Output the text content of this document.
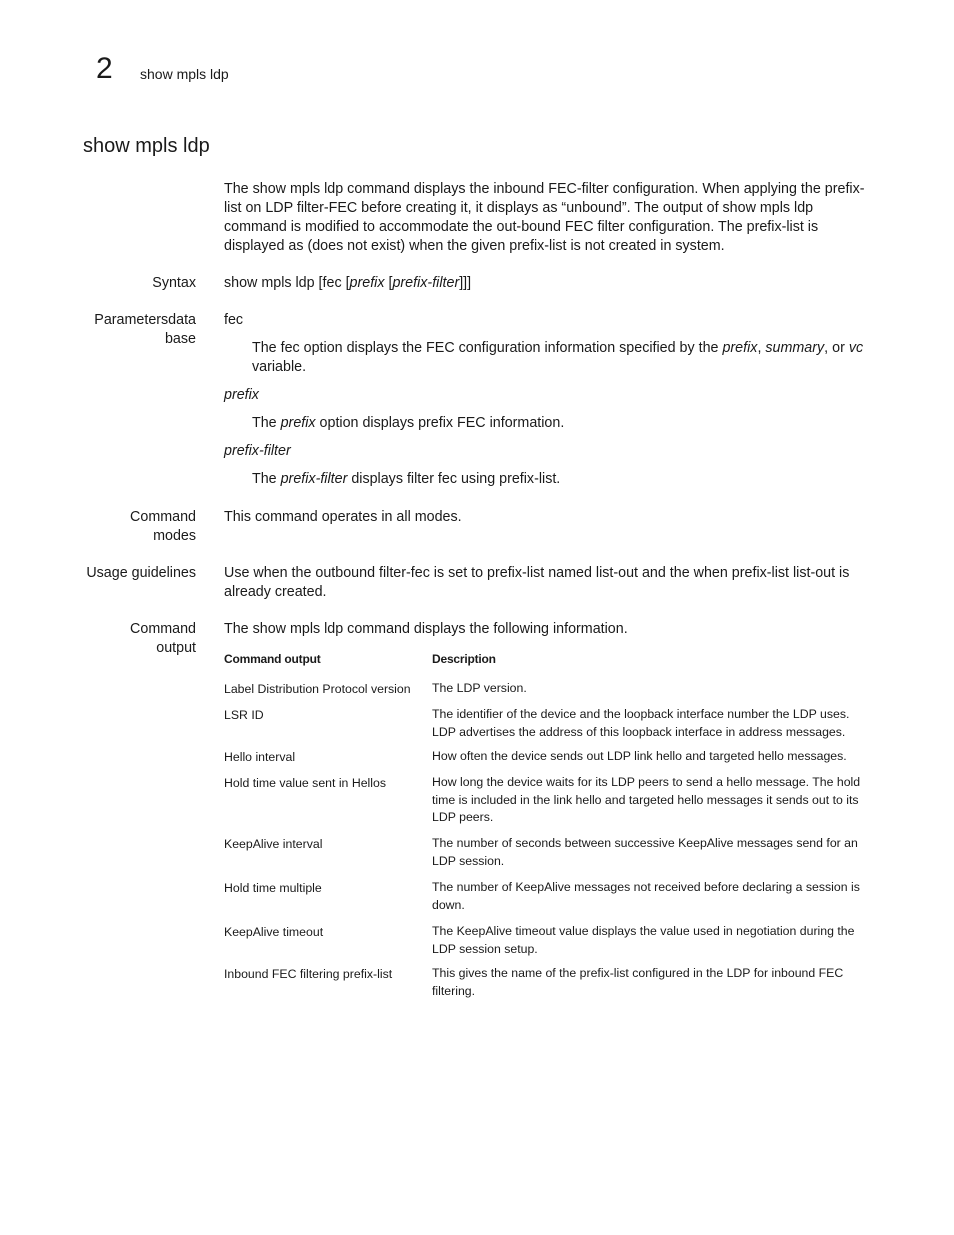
2 show mpls ldp
show mpls ldp

The show mpls ldp command displays the inbound FEC-filter configuration. When applying the prefix-list on LDP filter-FEC before creating it, it displays as “unbound”. The output of show mpls ldp command is modified to accommodate the out-bound FEC filter configuration. The prefix-list is displayed as (does not exist) when the given prefix-list is not created in system.

Syntax show mpls ldp [fec [prefix [prefix-filter]]]
Parametersdata
base
fec

The fec option displays the FEC configuration information specified by the prefix, summary, or vc variable.

prefix

The prefix option displays prefix FEC information.

prefix-filter

The prefix-filter displays filter fec using prefix-list.

Command
modes
This command operates in all modes.
Usage guidelines Use when the outbound filter-fec is set to prefix-list named list-out and the when prefix-list list-out is already created.

Command
output
The show mpls ldp command displays the following information.
Command output	Description
Label Distribution Protocol version	The LDP version.
LSR ID	The identifier of the device and the loopback interface number the LDP uses. LDP advertises the address of this loopback interface in address messages.
Hello interval	How often the device sends out LDP link hello and targeted hello messages.
Hold time value sent in Hellos	How long the device waits for its LDP peers to send a hello message. The hold time is included in the link hello and targeted hello messages it sends out to its LDP peers.
KeepAlive interval	The number of seconds between successive KeepAlive messages send for an LDP session.
Hold time multiple	The number of KeepAlive messages not received before declaring a session is down.
KeepAlive timeout	The KeepAlive timeout value displays the value used in negotiation during the LDP session setup.
Inbound FEC filtering prefix-list	This gives the name of the prefix-list configured in the LDP for inbound FEC filtering.
